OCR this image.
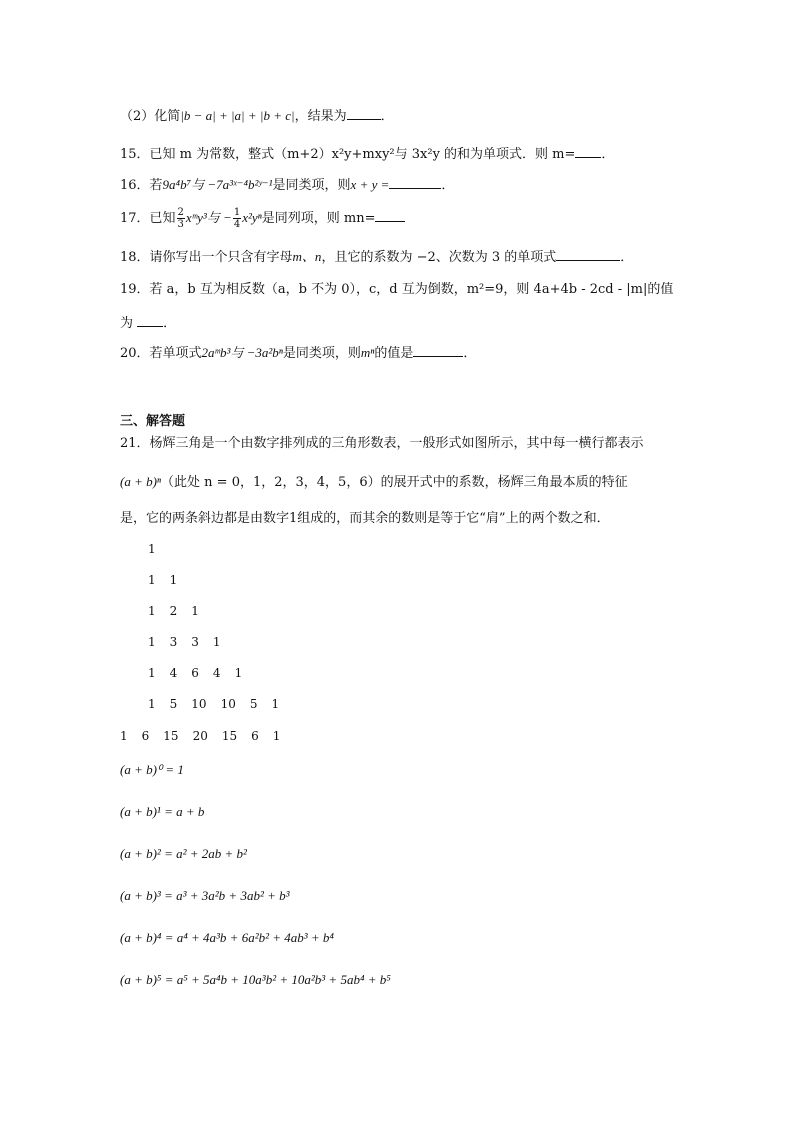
（2）化简|b − a| + |a| + |b + c|，结果为	．
15．已知 m 为常数，整式（m+2）x²y+mxy²与 3x²y 的和为单项式．则 m= ．
16．若9a⁴b⁷与 −7a³ˣ⁻⁴b²ʸ⁻¹是同类项，则x + y =	．
17．已知 $\frac{2}{3}$ xᵐy³与 − $\frac{1}{4} x^2y^n$是同列项，则 mn=
18．请你写出一个只含有字母m、n，且它的系数为 −2、次数为 3 的单项式	．
19．若 a，b 互为相反数（a，b 不为 0），c，d 互为倒数，m²=9，则 4a+4b - 2cd - |m|的值
为 ．
20．若单项式2aᵐb³与 −3a²bⁿ是同类项，则mⁿ的值是	．
三、解答题
21．杨辉三角是一个由数字排列成的三角形数表，一般形式如图所示，其中每一横行都表示
(a + b)ⁿ（此处 n = 0，1，2，3，4，5，6）的展开式中的系数，杨辉三角最本质的特征
是，它的两条斜边都是由数字1组成的，而其余的数则是等于它“肩”上的两个数之和．
1
1 1
1 2 1
1 3 3 1
1 4 6 4 1
1 5 10 10 5 1
1 6 15 20 15 6 1
(a + b)⁰ = 1
(a + b)¹ = a + b
(a + b)² = a² + 2ab + b²
(a + b)³ = a³ + 3a²b + 3ab² + b³
(a + b)⁴ = a⁴ + 4a³b + 6a²b² + 4ab³ + b⁴
(a + b)⁵ = a⁵ + 5a⁴b + 10a³b² + 10a²b³ + 5ab⁴ + b⁵
